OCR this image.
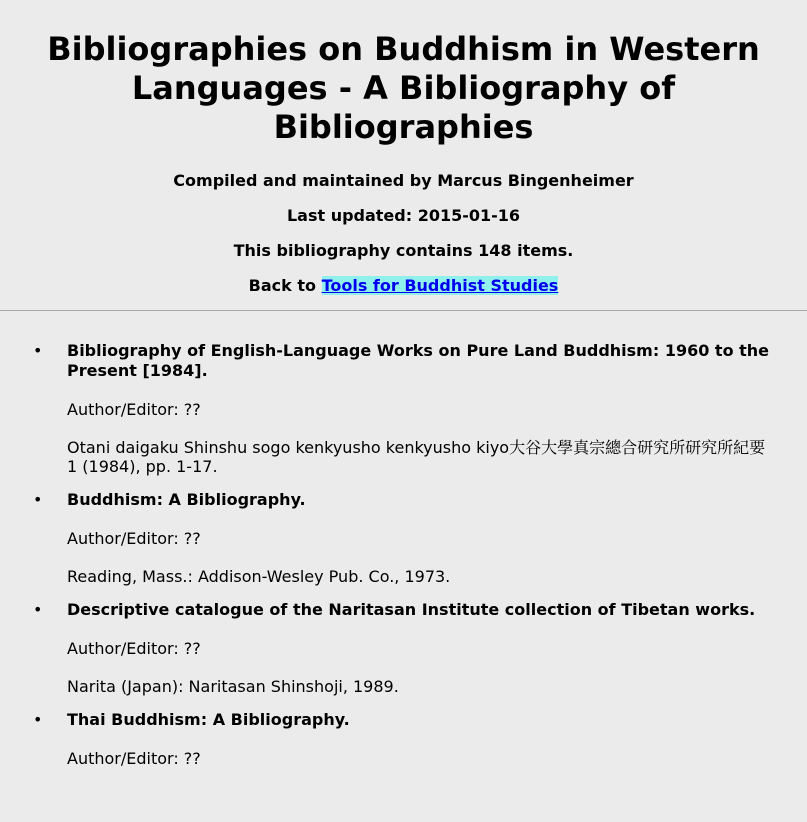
Bibliographies on Buddhism in Western Languages - A Bibliography of Bibliographies

Compiled and maintained by Marcus Bingenheimer

Last updated: 2015-01-16

This bibliography contains 148 items.

Back to Tools for Buddhist Studies

• Bibliography of English-Language Works on Pure Land Buddhism: 1960 to the Present [1984].

Author/Editor: ??

Otani daigaku Shinshu sogo kenkyusho kenkyusho kiyo大谷大學真宗總合研究所研究所紀要 1 (1984), pp. 1-17.

• Buddhism: A Bibliography.

Author/Editor: ??

Reading, Mass.: Addison-Wesley Pub. Co., 1973.

• Descriptive catalogue of the Naritasan Institute collection of Tibetan works.

Author/Editor: ??

Narita (Japan): Naritasan Shinshoji, 1989.

• Thai Buddhism: A Bibliography.

Author/Editor: ??
